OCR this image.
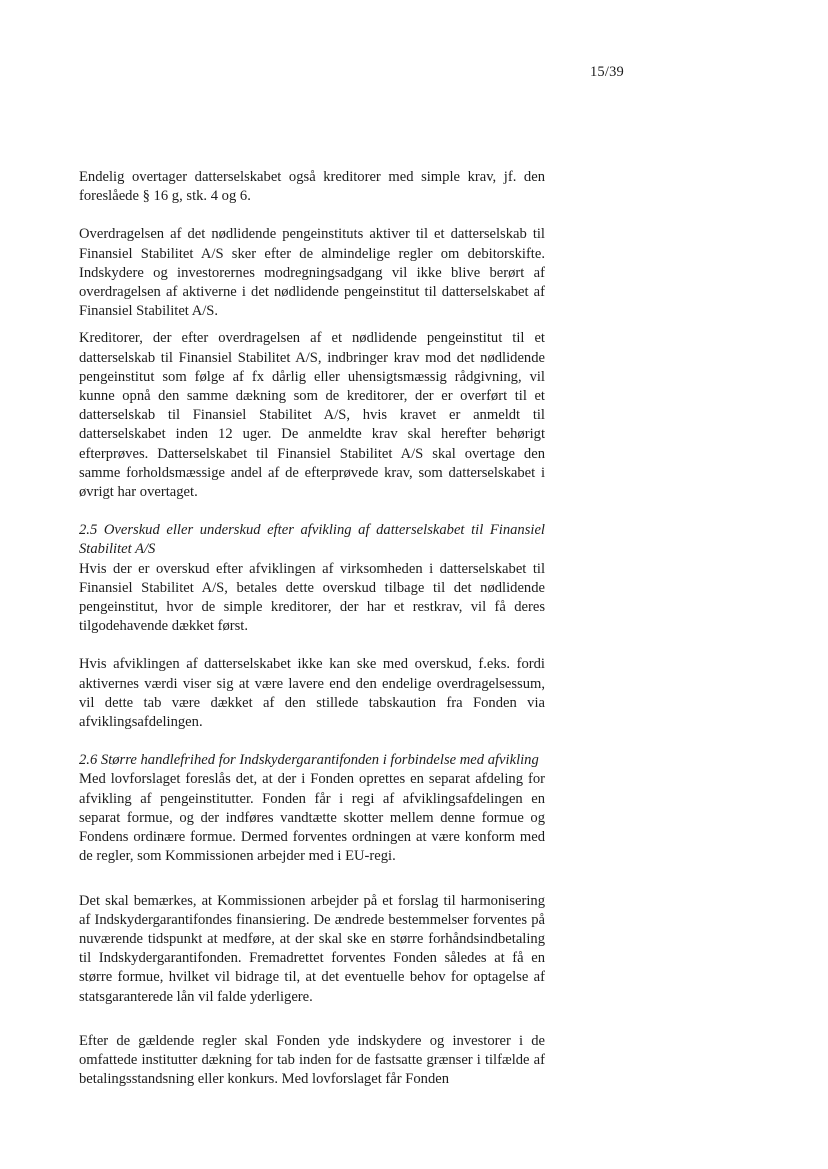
15/39

Endelig overtager datterselskabet også kreditorer med simple krav, jf. den foreslåede § 16 g, stk. 4 og 6.

Overdragelsen af det nødlidende pengeinstituts aktiver til et datterselskab til Finansiel Stabilitet A/S sker efter de almindelige regler om debitorskifte. Indskydere og investorernes modregningsadgang vil ikke blive berørt af overdragelsen af aktiverne i det nødlidende pengeinstitut til datterselskabet af Finansiel Stabilitet A/S.

Kreditorer, der efter overdragelsen af et nødlidende pengeinstitut til et datterselskab til Finansiel Stabilitet A/S, indbringer krav mod det nødlidende pengeinstitut som følge af fx dårlig eller uhensigtsmæssig rådgivning, vil kunne opnå den samme dækning som de kreditorer, der er overført til et datterselskab til Finansiel Stabilitet A/S, hvis kravet er anmeldt til datterselskabet inden 12 uger. De anmeldte krav skal herefter behørigt efterprøves. Datterselskabet til Finansiel Stabilitet A/S skal overtage den samme forholdsmæssige andel af de efterprøvede krav, som datterselskabet i øvrigt har overtaget.

2.5 Overskud eller underskud efter afvikling af datterselskabet til Finansiel Stabilitet A/S

Hvis der er overskud efter afviklingen af virksomheden i datterselskabet til Finansiel Stabilitet A/S, betales dette overskud tilbage til det nødlidende pengeinstitut, hvor de simple kreditorer, der har et restkrav, vil få deres tilgodehavende dækket først.

Hvis afviklingen af datterselskabet ikke kan ske med overskud, f.eks. fordi aktivernes værdi viser sig at være lavere end den endelige overdragelsessum, vil dette tab være dækket af den stillede tabskaution fra Fonden via afviklingsafdelingen.

2.6 Større handlefrihed for Indskydergarantifonden i forbindelse med afvikling

Med lovforslaget foreslås det, at der i Fonden oprettes en separat afdeling for afvikling af pengeinstitutter. Fonden får i regi af afviklingsafdelingen en separat formue, og der indføres vandtætte skotter mellem denne formue og Fondens ordinære formue. Dermed forventes ordningen at være konform med de regler, som Kommissionen arbejder med i EU-regi.

Det skal bemærkes, at Kommissionen arbejder på et forslag til harmonisering af Indskydergarantifondes finansiering. De ændrede bestemmelser forventes på nuværende tidspunkt at medføre, at der skal ske en større forhåndsindbetaling til Indskydergarantifonden. Fremadrettet forventes Fonden således at få en større formue, hvilket vil bidrage til, at det eventuelle behov for optagelse af statsgaranterede lån vil falde yderligere.

Efter de gældende regler skal Fonden yde indskydere og investorer i de omfattede institutter dækning for tab inden for de fastsatte grænser i tilfælde af betalingsstandsning eller konkurs. Med lovforslaget får Fonden
